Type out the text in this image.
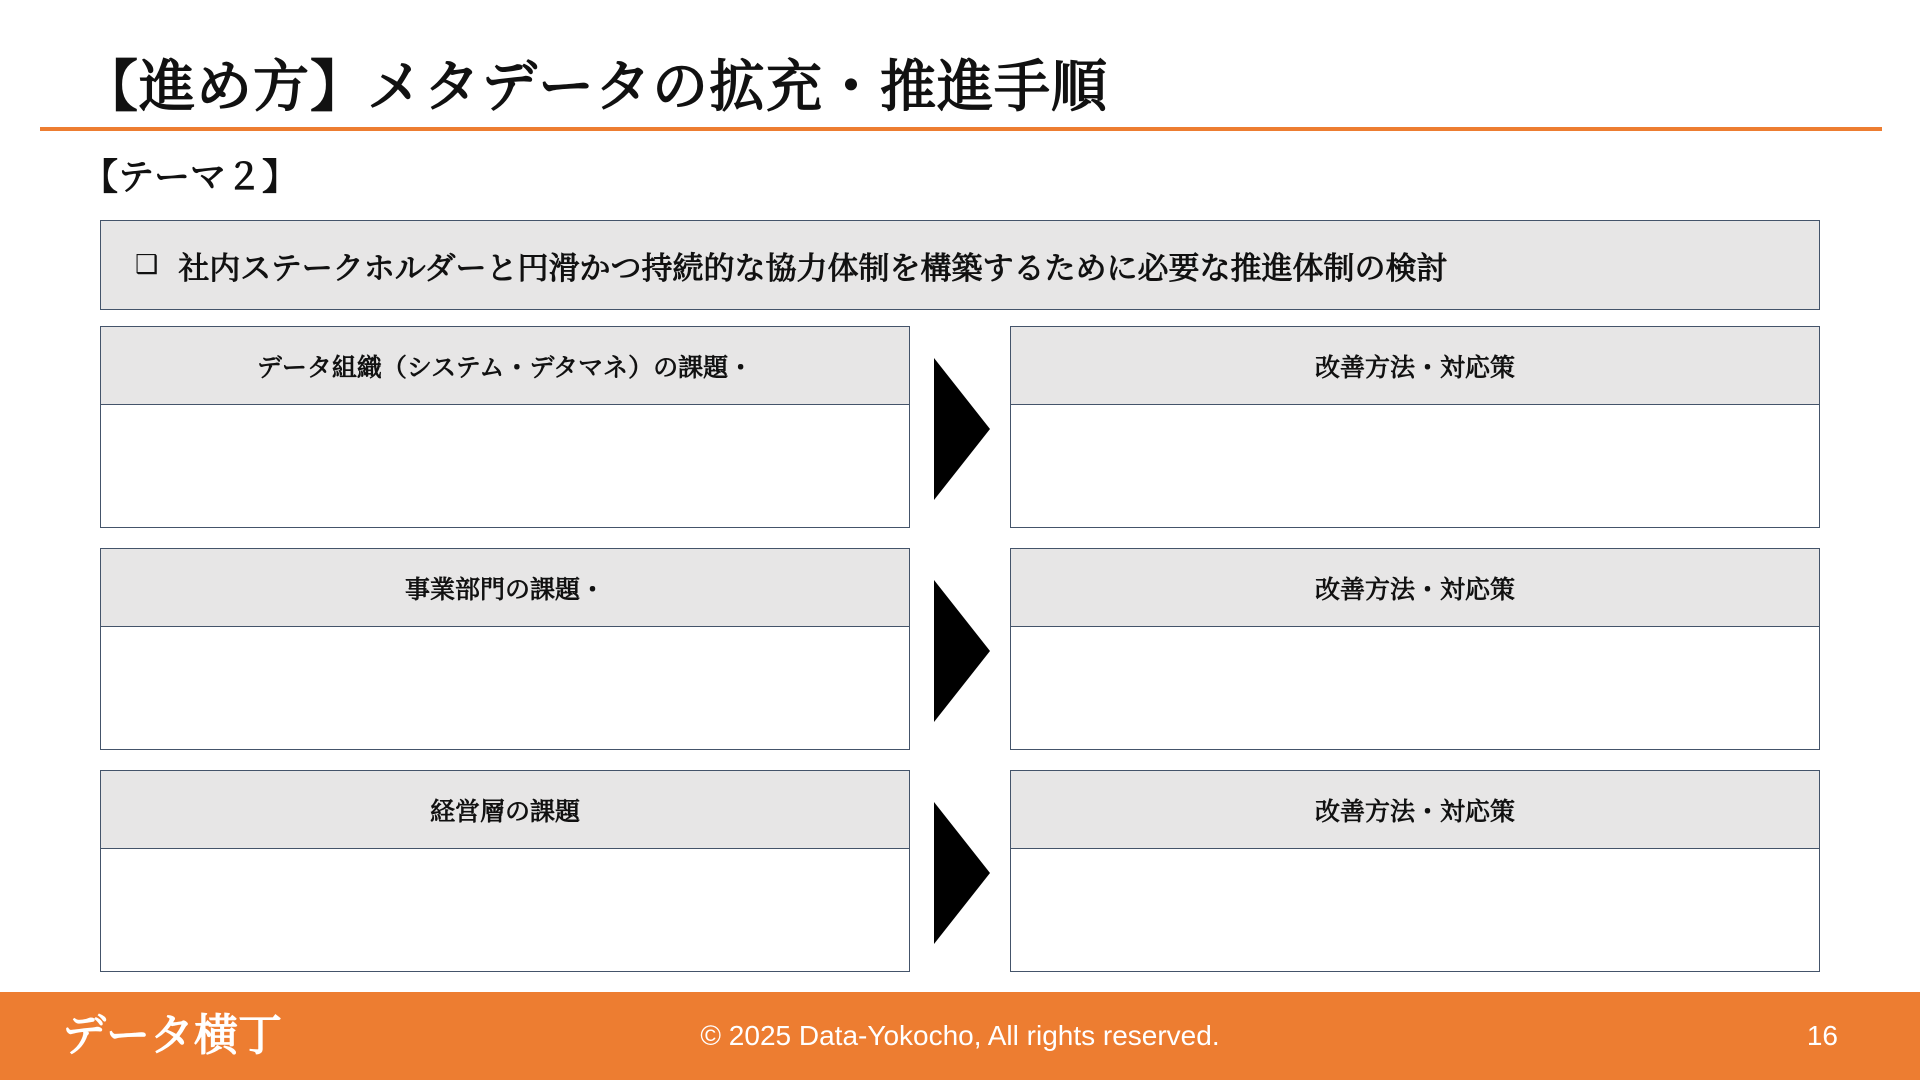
【進め方】メタデータの拡充・推進手順
【テーマ２】
❑ 社内ステークホルダーと円滑かつ持続的な協力体制を構築するために必要な推進体制の検討
データ組織（システム・デタマネ）の課題・	改善方法・対応策
事業部門の課題・	改善方法・対応策
経営層の課題	改善方法・対応策
データ横丁	© 2025 Data-Yokocho, All rights reserved.	16
